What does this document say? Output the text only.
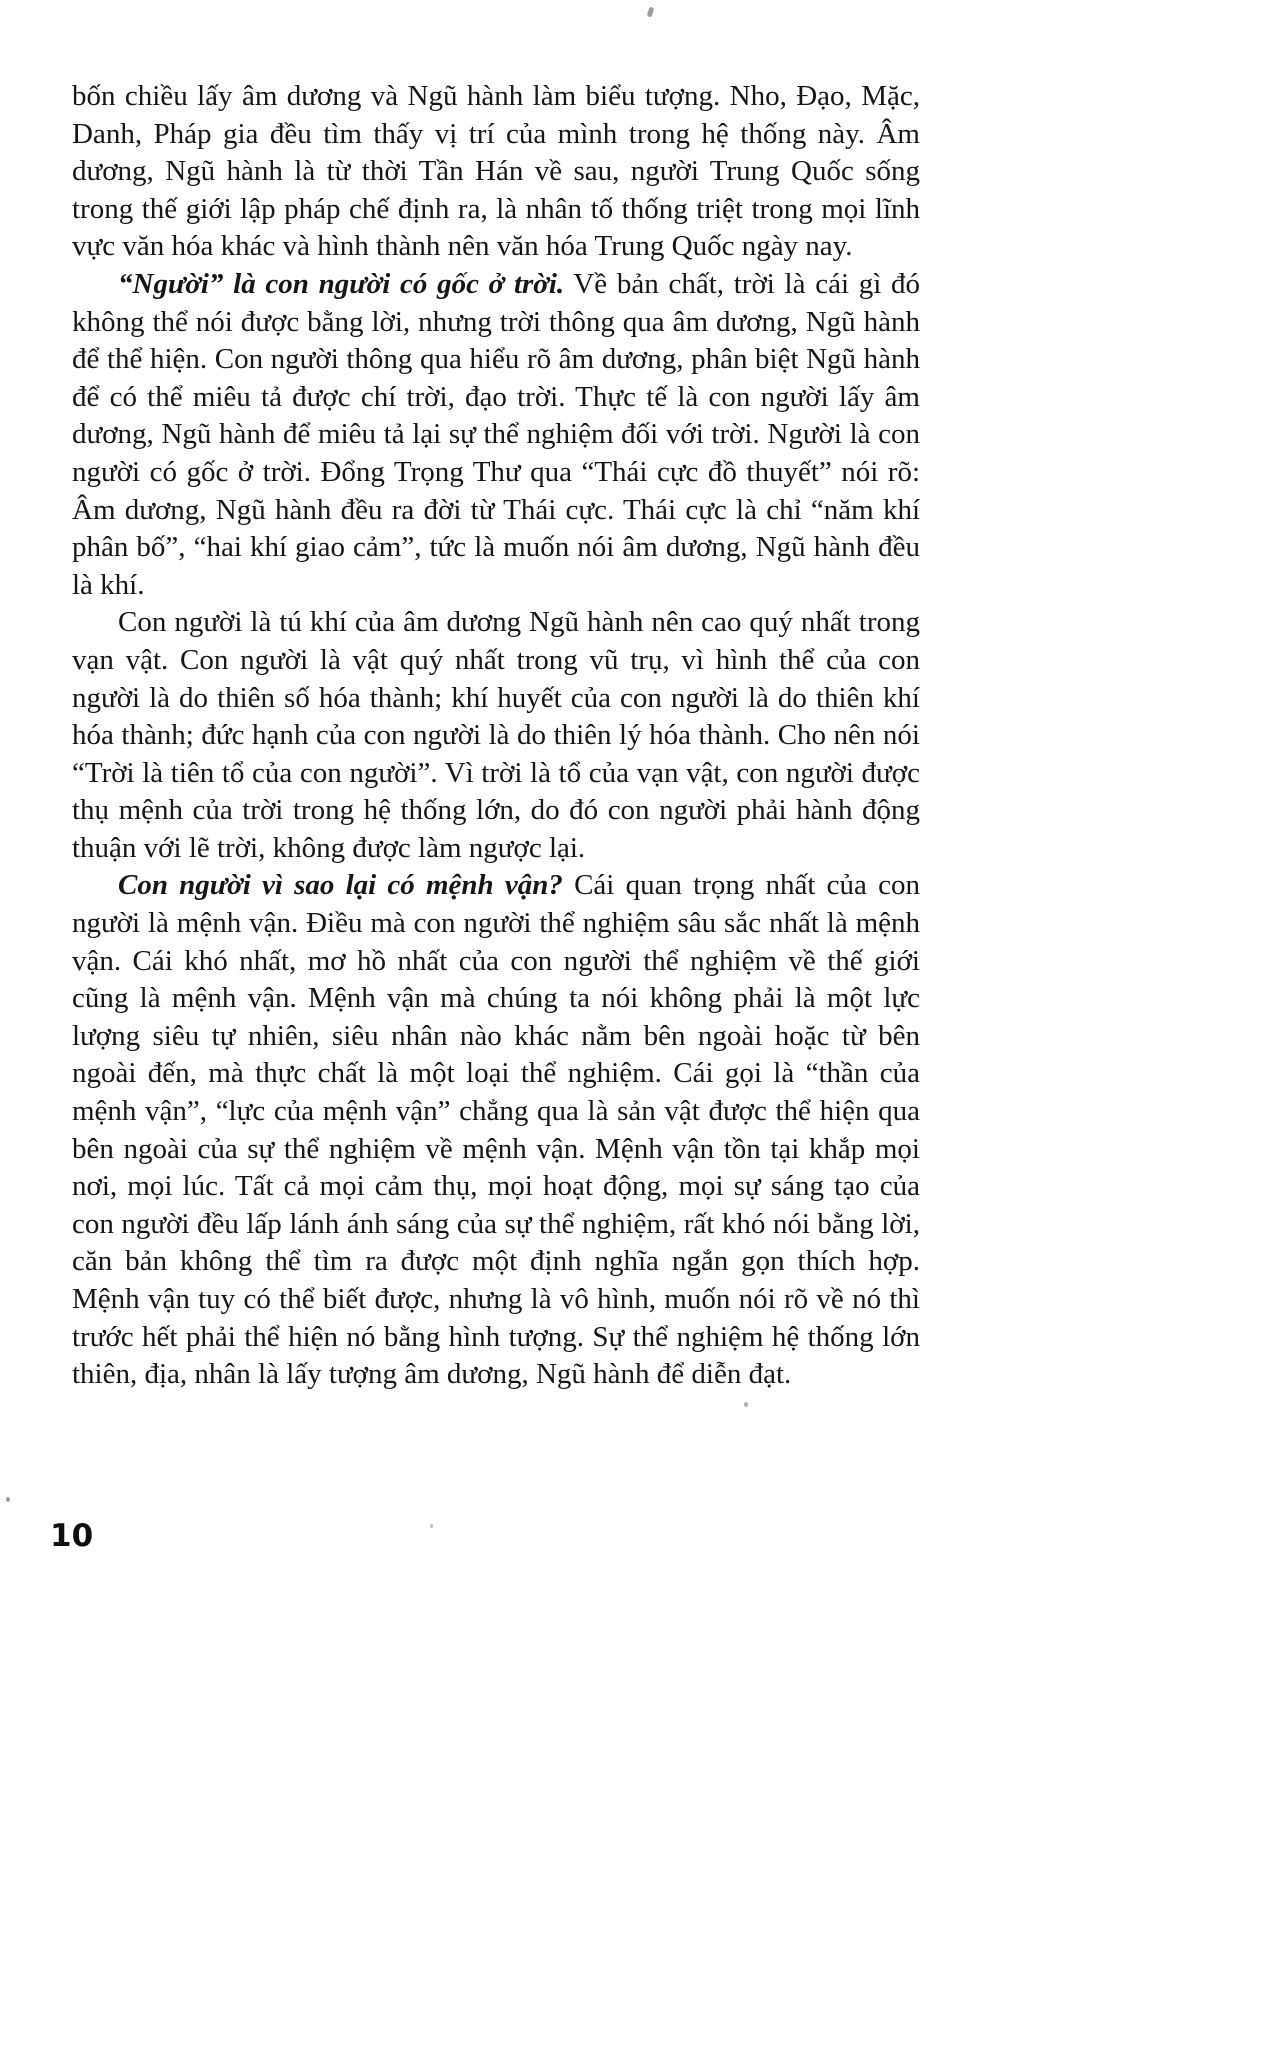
bốn chiều lấy âm dương và Ngũ hành làm biểu tượng. Nho, Đạo, Mặc, Danh, Pháp gia đều tìm thấy vị trí của mình trong hệ thống này. Âm dương, Ngũ hành là từ thời Tần Hán về sau, người Trung Quốc sống trong thế giới lập pháp chế định ra, là nhân tố thống triệt trong mọi lĩnh vực văn hóa khác và hình thành nên văn hóa Trung Quốc ngày nay.

“Người” là con người có gốc ở trời. Về bản chất, trời là cái gì đó không thể nói được bằng lời, nhưng trời thông qua âm dương, Ngũ hành để thể hiện. Con người thông qua hiểu rõ âm dương, phân biệt Ngũ hành để có thể miêu tả được chí trời, đạo trời. Thực tế là con người lấy âm dương, Ngũ hành để miêu tả lại sự thể nghiệm đối với trời. Người là con người có gốc ở trời. Đổng Trọng Thư qua “Thái cực đồ thuyết” nói rõ: Âm dương, Ngũ hành đều ra đời từ Thái cực. Thái cực là chỉ “năm khí phân bố”, “hai khí giao cảm”, tức là muốn nói âm dương, Ngũ hành đều là khí.

Con người là tú khí của âm dương Ngũ hành nên cao quý nhất trong vạn vật. Con người là vật quý nhất trong vũ trụ, vì hình thể của con người là do thiên số hóa thành; khí huyết của con người là do thiên khí hóa thành; đức hạnh của con người là do thiên lý hóa thành. Cho nên nói “Trời là tiên tổ của con người”. Vì trời là tổ của vạn vật, con người được thụ mệnh của trời trong hệ thống lớn, do đó con người phải hành động thuận với lẽ trời, không được làm ngược lại.

Con người vì sao lại có mệnh vận? Cái quan trọng nhất của con người là mệnh vận. Điều mà con người thể nghiệm sâu sắc nhất là mệnh vận. Cái khó nhất, mơ hồ nhất của con người thể nghiệm về thế giới cũng là mệnh vận. Mệnh vận mà chúng ta nói không phải là một lực lượng siêu tự nhiên, siêu nhân nào khác nằm bên ngoài hoặc từ bên ngoài đến, mà thực chất là một loại thể nghiệm. Cái gọi là “thần của mệnh vận”, “lực của mệnh vận” chẳng qua là sản vật được thể hiện qua bên ngoài của sự thể nghiệm về mệnh vận. Mệnh vận tồn tại khắp mọi nơi, mọi lúc. Tất cả mọi cảm thụ, mọi hoạt động, mọi sự sáng tạo của con người đều lấp lánh ánh sáng của sự thể nghiệm, rất khó nói bằng lời, căn bản không thể tìm ra được một định nghĩa ngắn gọn thích hợp. Mệnh vận tuy có thể biết được, nhưng là vô hình, muốn nói rõ về nó thì trước hết phải thể hiện nó bằng hình tượng. Sự thể nghiệm hệ thống lớn thiên, địa, nhân là lấy tượng âm dương, Ngũ hành để diễn đạt.

10
